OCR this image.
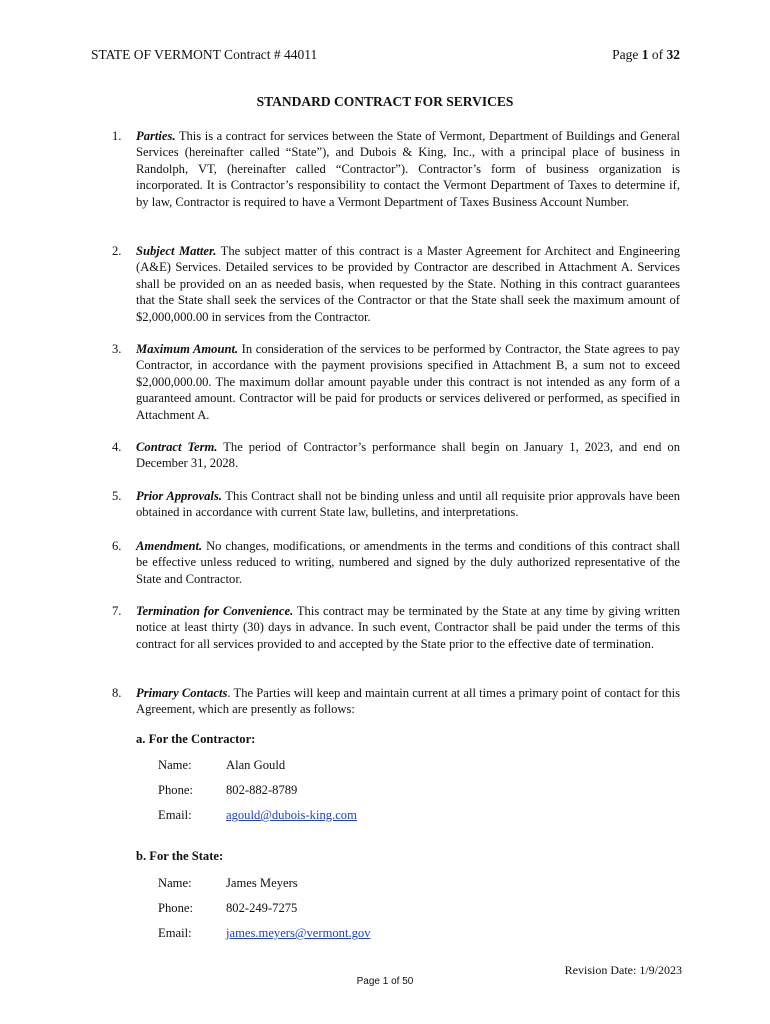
STATE OF VERMONT Contract # 44011	Page 1 of 32
STANDARD CONTRACT FOR SERVICES
1. Parties. This is a contract for services between the State of Vermont, Department of Buildings and General Services (hereinafter called “State”), and Dubois & King, Inc., with a principal place of business in Randolph, VT, (hereinafter called “Contractor”). Contractor’s form of business organization is incorporated. It is Contractor’s responsibility to contact the Vermont Department of Taxes to determine if, by law, Contractor is required to have a Vermont Department of Taxes Business Account Number.
2. Subject Matter. The subject matter of this contract is a Master Agreement for Architect and Engineering (A&E) Services. Detailed services to be provided by Contractor are described in Attachment A. Services shall be provided on an as needed basis, when requested by the State. Nothing in this contract guarantees that the State shall seek the services of the Contractor or that the State shall seek the maximum amount of $2,000,000.00 in services from the Contractor.
3. Maximum Amount. In consideration of the services to be performed by Contractor, the State agrees to pay Contractor, in accordance with the payment provisions specified in Attachment B, a sum not to exceed $2,000,000.00. The maximum dollar amount payable under this contract is not intended as any form of a guaranteed amount. Contractor will be paid for products or services delivered or performed, as specified in Attachment A.
4. Contract Term. The period of Contractor’s performance shall begin on January 1, 2023, and end on December 31, 2028.
5. Prior Approvals. This Contract shall not be binding unless and until all requisite prior approvals have been obtained in accordance with current State law, bulletins, and interpretations.
6. Amendment. No changes, modifications, or amendments in the terms and conditions of this contract shall be effective unless reduced to writing, numbered and signed by the duly authorized representative of the State and Contractor.
7. Termination for Convenience. This contract may be terminated by the State at any time by giving written notice at least thirty (30) days in advance. In such event, Contractor shall be paid under the terms of this contract for all services provided to and accepted by the State prior to the effective date of termination.
8. Primary Contacts. The Parties will keep and maintain current at all times a primary point of contact for this Agreement, which are presently as follows:
a. For the Contractor:
Name:	Alan Gould
Phone:	802-882-8789
Email:	agould@dubois-king.com
b. For the State:
Name:	James Meyers
Phone:	802-249-7275
Email:	james.meyers@vermont.gov
Revision Date: 1/9/2023
Page 1 of 50
